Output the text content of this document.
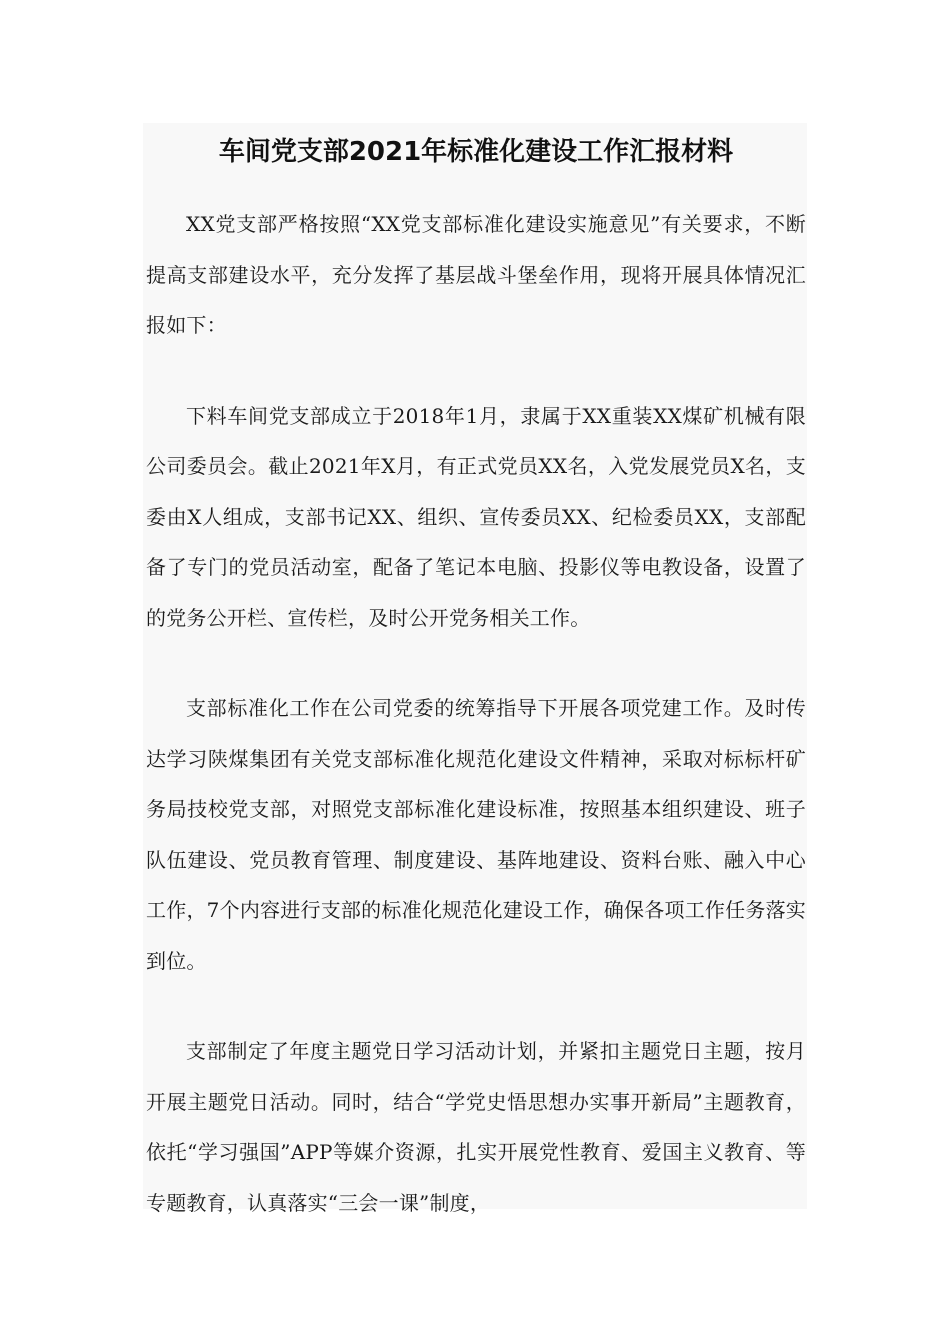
车间党支部2021年标准化建设工作汇报材料

XX党支部严格按照“XX党支部标准化建设实施意见”有关要求，不断提高支部建设水平，充分发挥了基层战斗堡垒作用，现将开展具体情况汇报如下：

下料车间党支部成立于2018年1月，隶属于XX重装XX煤矿机械有限公司委员会。截止2021年X月，有正式党员XX名，入党发展党员X名，支委由X人组成，支部书记XX、组织、宣传委员XX、纪检委员XX，支部配备了专门的党员活动室，配备了笔记本电脑、投影仪等电教设备，设置了的党务公开栏、宣传栏，及时公开党务相关工作。

支部标准化工作在公司党委的统筹指导下开展各项党建工作。及时传达学习陕煤集团有关党支部标准化规范化建设文件精神，采取对标标杆矿务局技校党支部，对照党支部标准化建设标准，按照基本组织建设、班子队伍建设、党员教育管理、制度建设、基阵地建设、资料台账、融入中心工作，7个内容进行支部的标准化规范化建设工作，确保各项工作任务落实到位。

支部制定了年度主题党日学习活动计划，并紧扣主题党日主题，按月开展主题党日活动。同时，结合“学党史悟思想办实事开新局”主题教育，依托“学习强国”APP等媒介资源，扎实开展党性教育、爱国主义教育、等专题教育，认真落实“三会一课”制度，
